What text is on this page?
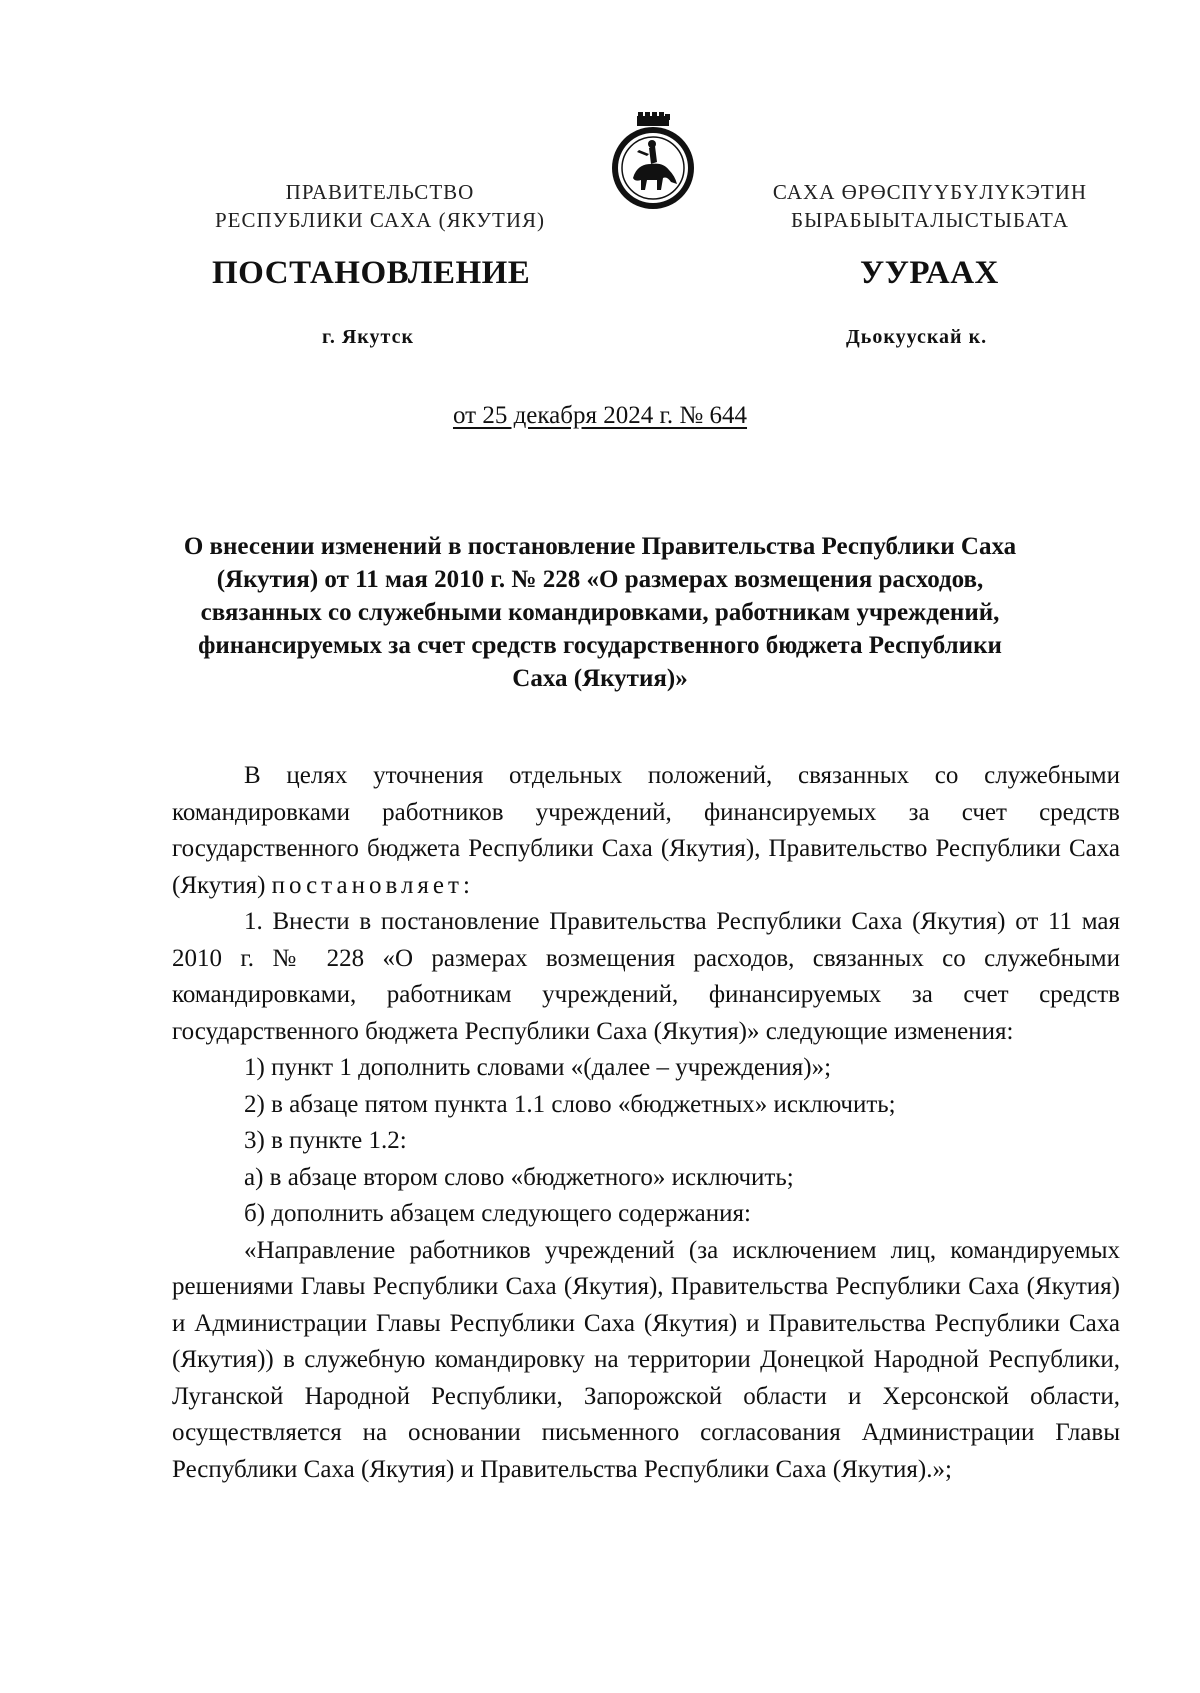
ПРАВИТЕЛЬСТВО
РЕСПУБЛИКИ САХА (ЯКУТИЯ)
САХА ӨРӨСПҮҮБҮЛҮКЭТИН
БЫРАБЫЫТАЛЫСТЫБАТА
ПОСТАНОВЛЕНИЕ	УУРААХ
г. Якутск	Дьокуускай к.
от 25 декабря 2024 г. № 644
О внесении изменений в постановление Правительства Республики Саха (Якутия) от 11 мая 2010 г. № 228 «О размерах возмещения расходов, связанных со служебными командировками, работникам учреждений, финансируемых за счет средств государственного бюджета Республики Саха (Якутия)»

В целях уточнения отдельных положений, связанных со служебными командировками работников учреждений, финансируемых за счет средств государственного бюджета Республики Саха (Якутия), Правительство Республики Саха (Якутия) постановляет:

1. Внести в постановление Правительства Республики Саха (Якутия) от 11 мая 2010 г. № 228 «О размерах возмещения расходов, связанных со служебными командировками, работникам учреждений, финансируемых за счет средств государственного бюджета Республики Саха (Якутия)» следующие изменения:

1) пункт 1 дополнить словами «(далее – учреждения)»;

2) в абзаце пятом пункта 1.1 слово «бюджетных» исключить;

3) в пункте 1.2:

а) в абзаце втором слово «бюджетного» исключить;

б) дополнить абзацем следующего содержания:

«Направление работников учреждений (за исключением лиц, командируемых решениями Главы Республики Саха (Якутия), Правительства Республики Саха (Якутия) и Администрации Главы Республики Саха (Якутия) и Правительства Республики Саха (Якутия)) в служебную командировку на территории Донецкой Народной Республики, Луганской Народной Республики, Запорожской области и Херсонской области, осуществляется на основании письменного согласования Администрации Главы Республики Саха (Якутия) и Правительства Республики Саха (Якутия).»;
